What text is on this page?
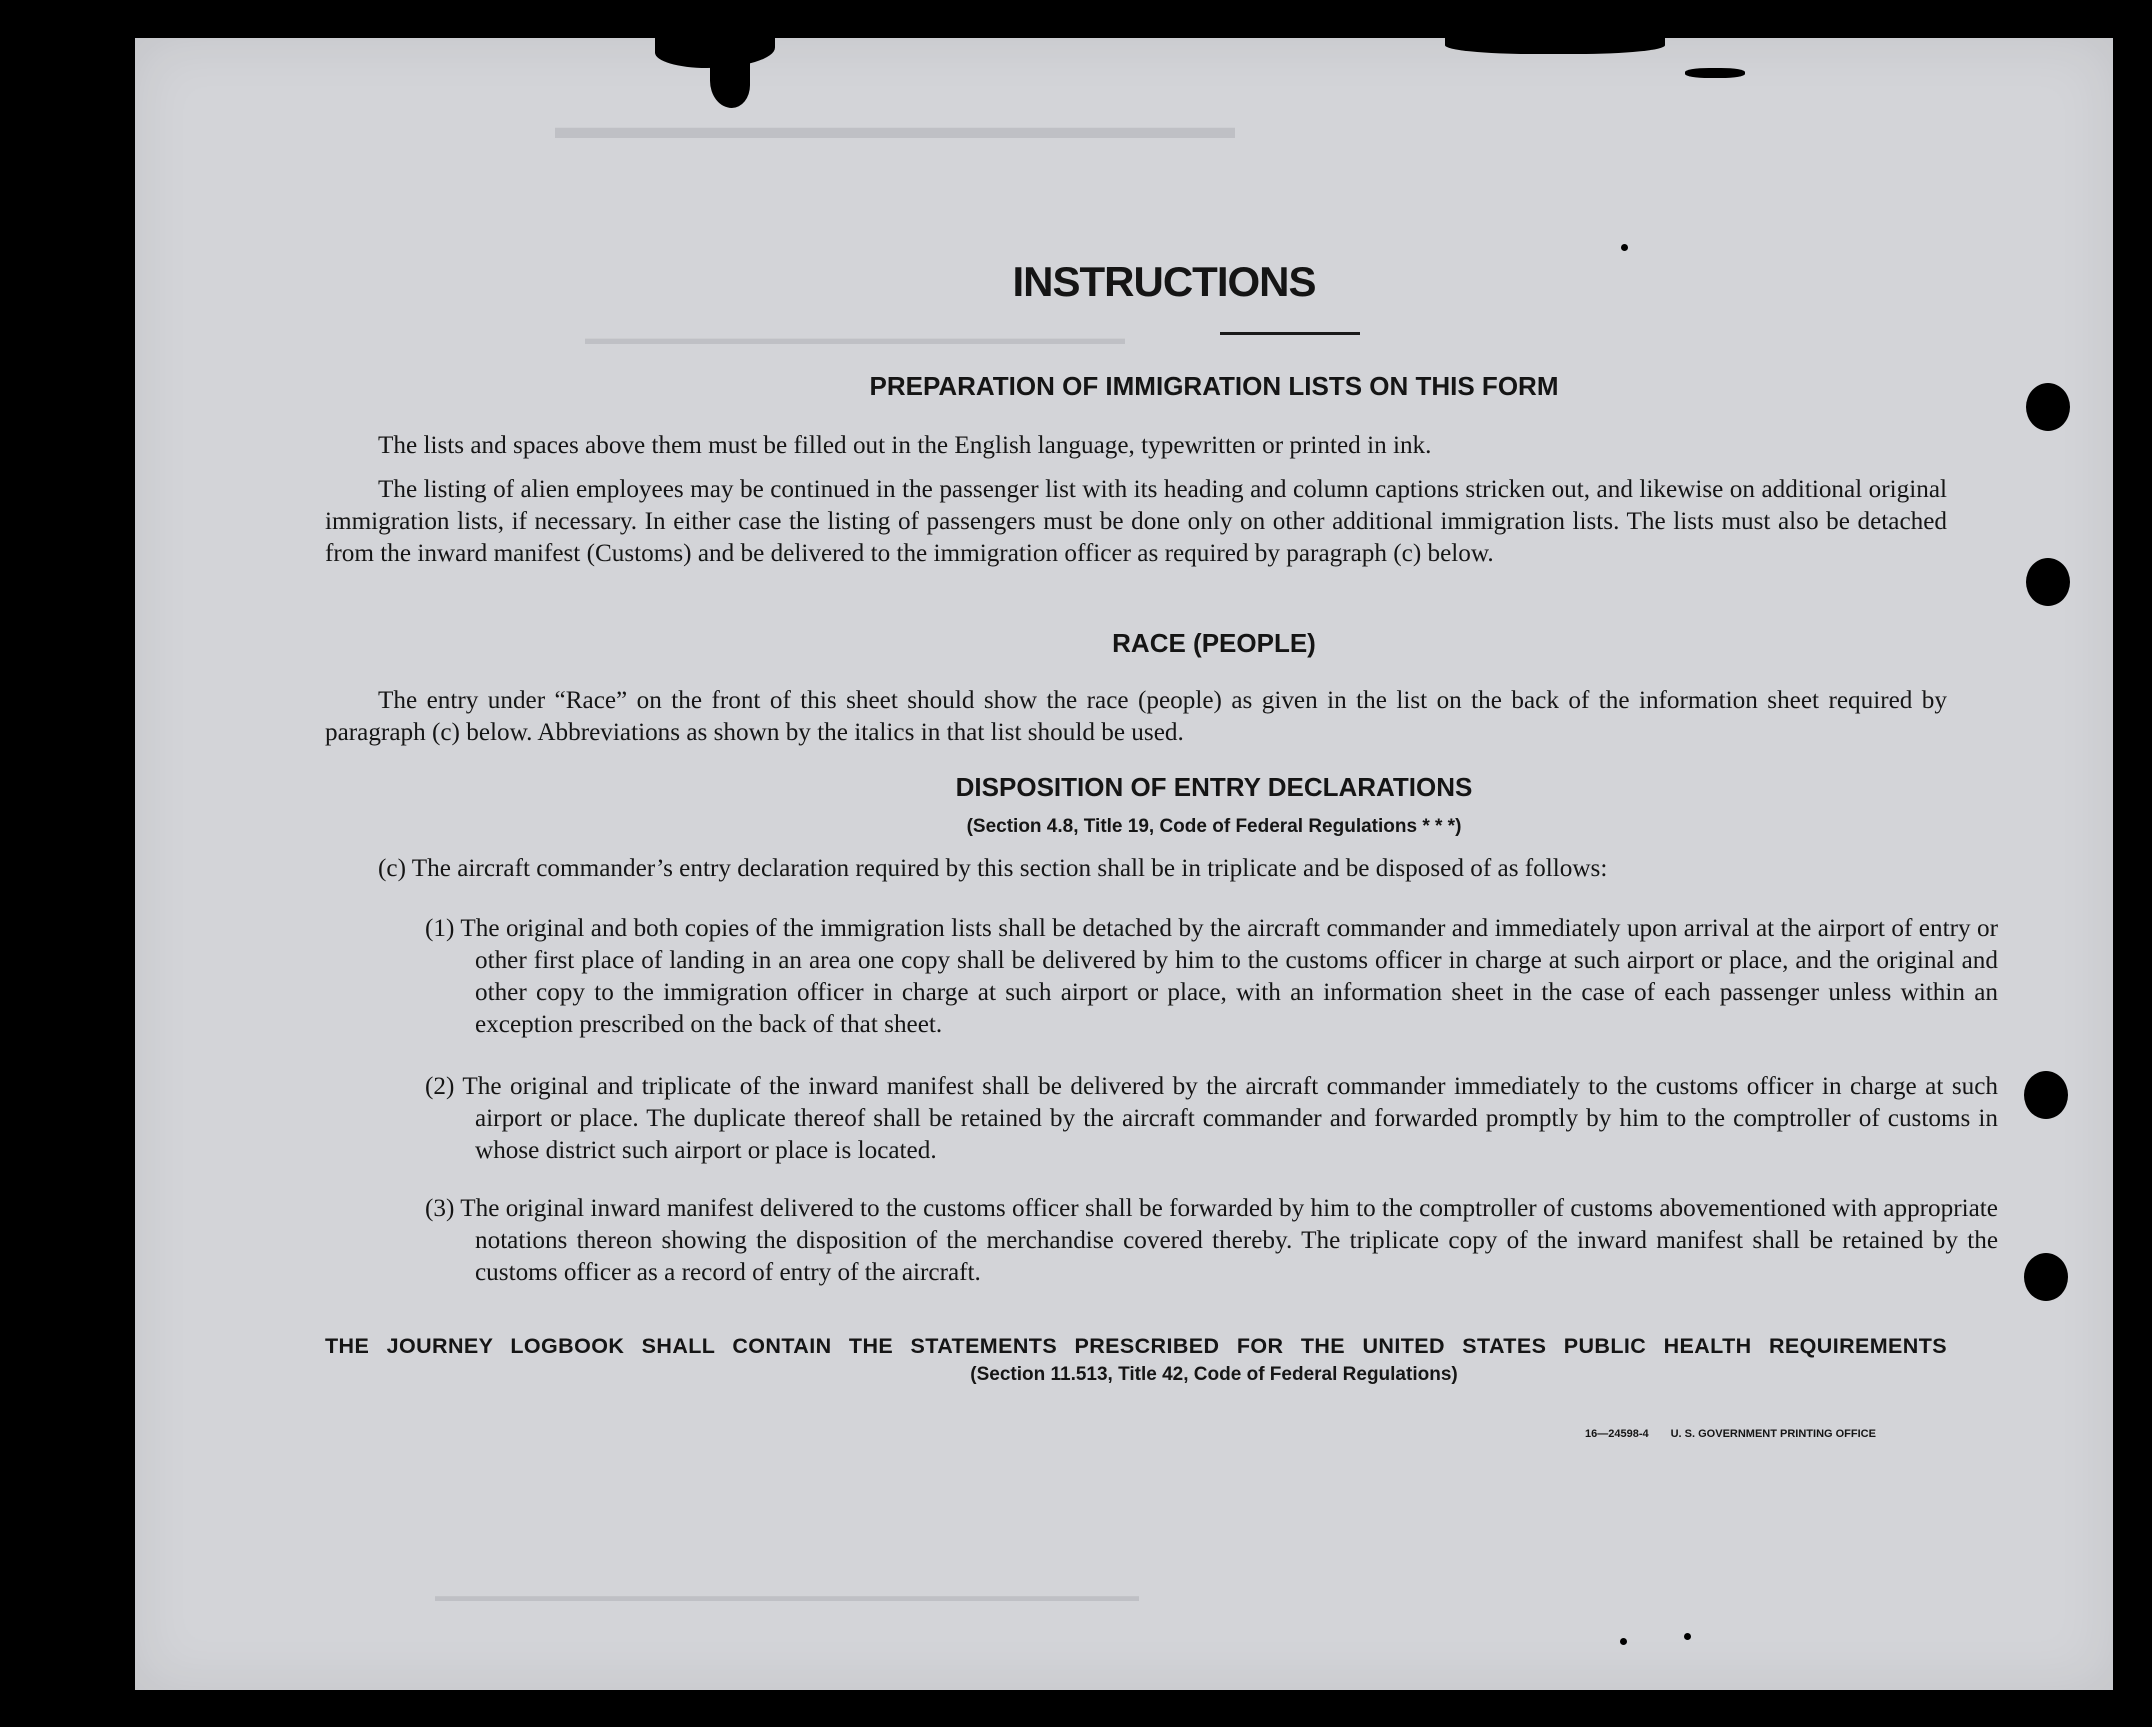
▬▬▬▬▬▬▬▬▬▬▬▬▬▬▬▬▬▬▬▬
▬▬▬▬▬▬▬▬▬▬▬▬▬▬▬▬▬▬▬▬▬▬▬▬▬▬▬▬▬▬
▬▬▬▬▬▬▬▬▬▬▬▬▬▬▬▬▬▬▬▬▬▬▬▬▬▬▬▬▬▬▬▬▬▬▬▬▬▬▬▬▬▬▬▬
INSTRUCTIONS
PREPARATION OF IMMIGRATION LISTS ON THIS FORM
The lists and spaces above them must be filled out in the English language, typewritten or printed in ink.
The listing of alien employees may be continued in the passenger list with its heading and column captions stricken out, and likewise on additional original immigration lists, if necessary. In either case the listing of passengers must be done only on other additional immigration lists. The lists must also be detached from the inward manifest (Customs) and be delivered to the immigration officer as required by paragraph (c) below.
RACE (PEOPLE)
The entry under “Race” on the front of this sheet should show the race (people) as given in the list on the back of the information sheet required by paragraph (c) below. Abbreviations as shown by the italics in that list should be used.
DISPOSITION OF ENTRY DECLARATIONS
(Section 4.8, Title 19, Code of Federal Regulations * * *)
(c) The aircraft commander’s entry declaration required by this section shall be in triplicate and be disposed of as follows:
(1) The original and both copies of the immigration lists shall be detached by the aircraft commander and immediately upon arrival at the airport of entry or other first place of landing in an area one copy shall be delivered by him to the customs officer in charge at such airport or place, and the original and other copy to the immigration officer in charge at such airport or place, with an information sheet in the case of each passenger unless within an exception prescribed on the back of that sheet.
(2) The original and triplicate of the inward manifest shall be delivered by the aircraft commander immediately to the customs officer in charge at such airport or place. The duplicate thereof shall be retained by the aircraft commander and forwarded promptly by him to the comptroller of customs in whose district such airport or place is located.
(3) The original inward manifest delivered to the customs officer shall be forwarded by him to the comptroller of customs abovementioned with appropriate notations thereon showing the disposition of the merchandise covered thereby. The triplicate copy of the inward manifest shall be retained by the customs officer as a record of entry of the aircraft.
THE JOURNEY LOGBOOK SHALL CONTAIN THE STATEMENTS PRESCRIBED FOR THE UNITED STATES PUBLIC HEALTH REQUIREMENTS
(Section 11.513, Title 42, Code of Federal Regulations)
16—24598-4 U. S. GOVERNMENT PRINTING OFFICE
